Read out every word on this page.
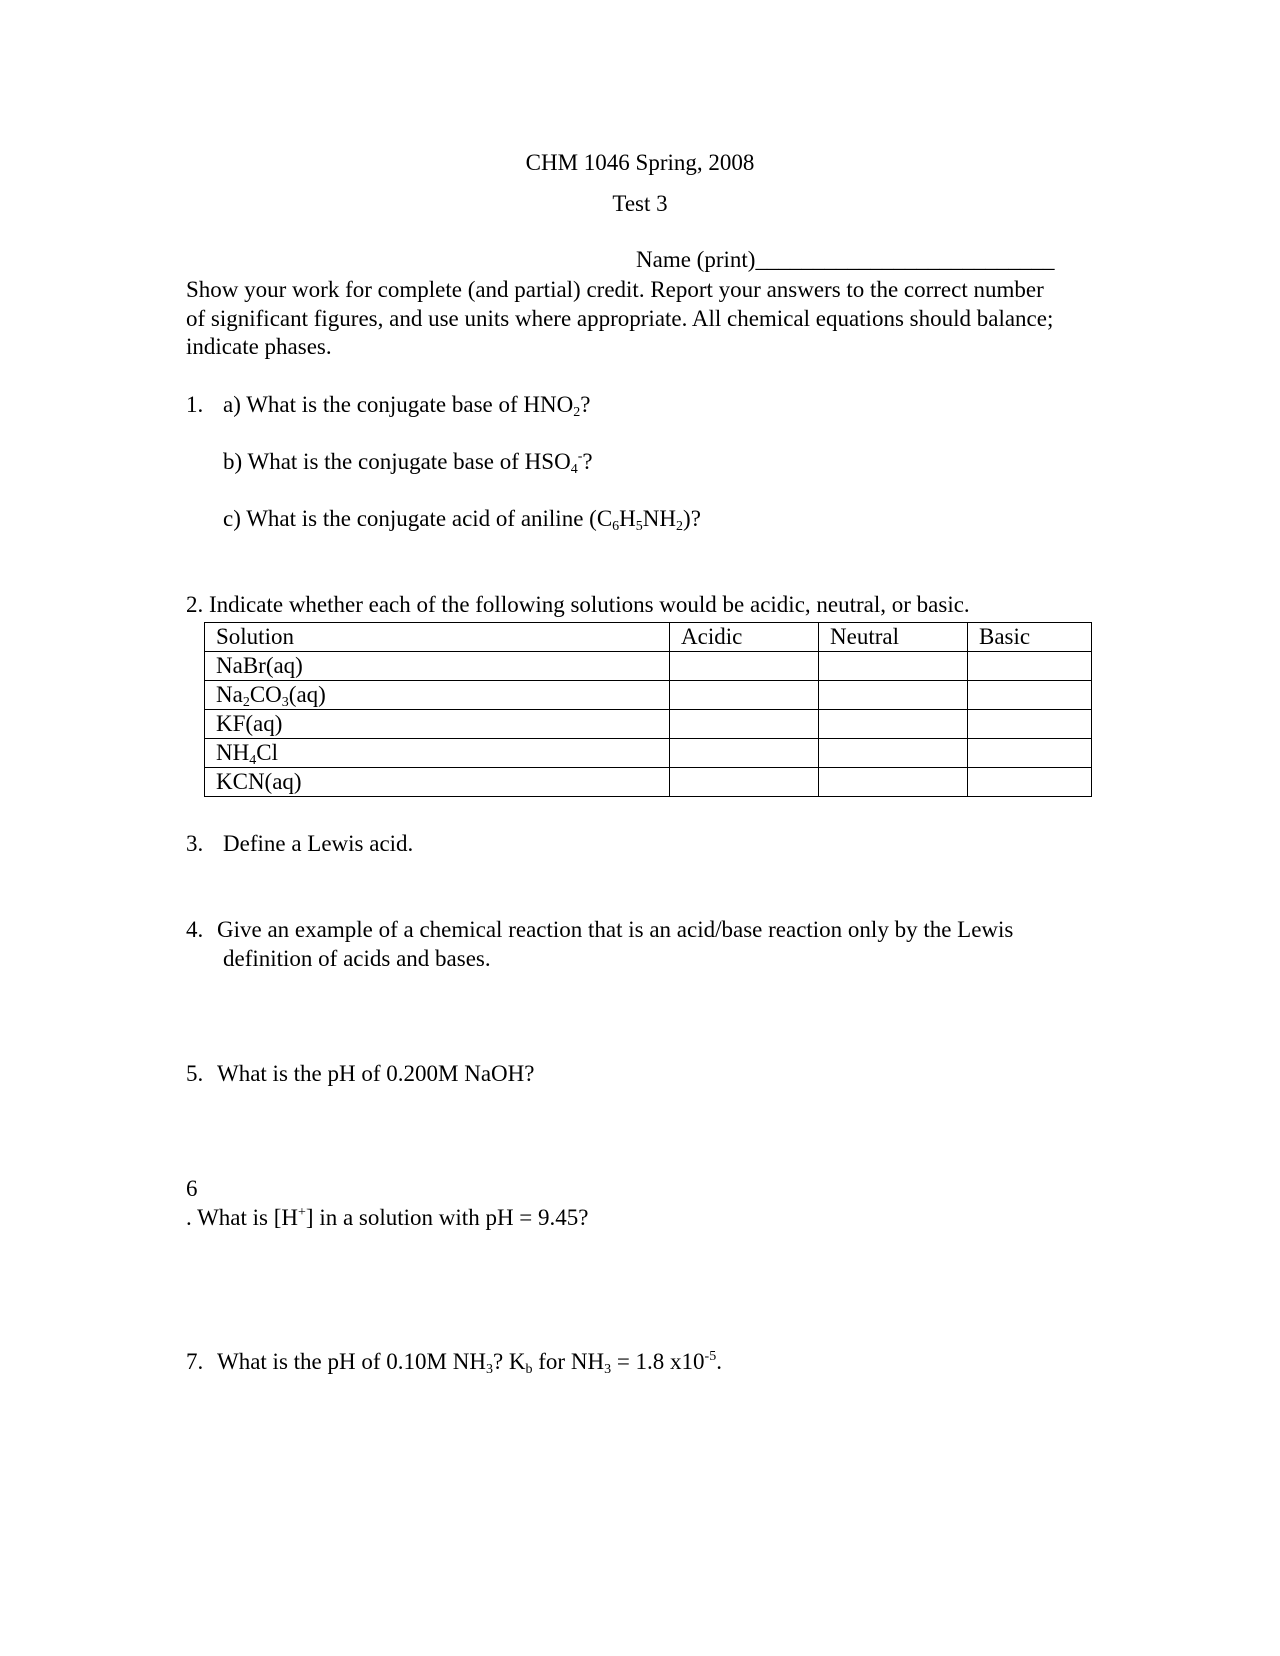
CHM 1046 Spring, 2008
Test 3
Name (print)__________________________
Show your work for complete (and partial) credit. Report your answers to the correct number of significant figures, and use units where appropriate. All chemical equations should balance; indicate phases.
1. a) What is the conjugate base of $HNO_2$?
b) What is the conjugate base of $HSO_4^-$?
c) What is the conjugate acid of aniline $(C_6H_5NH_2)$?
2. Indicate whether each of the following solutions would be acidic, neutral, or basic.
Solution	Acidic	Neutral	Basic
NaBr(aq)			
$Na_2CO_3(aq)$			
KF(aq)			
$NH_4Cl$			
KCN(aq)			
3. Define a Lewis acid.
4. Give an example of a chemical reaction that is an acid/base reaction only by the Lewis
definition of acids and bases.
5. What is the pH of 0.200M NaOH?
6
. What is [H+] in a solution with pH = 9.45?
7. What is the pH of 0.10M $NH_3$? $K_b$ for $NH_3 = 1.8$ $x10^{-5}$.
